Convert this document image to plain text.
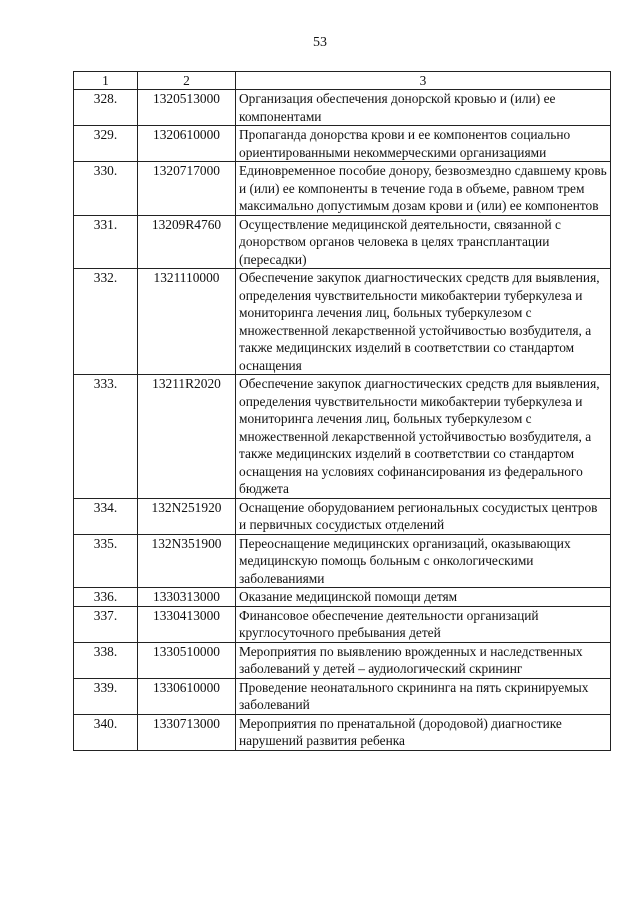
53
1	2	3
328.	1320513000	Организация обеспечения донорской кровью и (или) ее компонентами
329.	1320610000	Пропаганда донорства крови и ее компонентов социально ориентированными некоммерческими организациями
330.	1320717000	Единовременное пособие донору, безвозмездно сдавшему кровь и (или) ее компоненты в течение года в объеме, равном трем максимально допустимым дозам крови и (или) ее компонентов
331.	13209R4760	Осуществление медицинской деятельности, связанной с донорством органов человека в целях трансплантации (пересадки)
332.	1321110000	Обеспечение закупок диагностических средств для выявления, определения чувствительности микобактерии туберкулеза и мониторинга лечения лиц, больных туберкулезом с множественной лекарственной устойчивостью возбудителя, а также медицинских изделий в соответствии со стандартом оснащения
333.	13211R2020	Обеспечение закупок диагностических средств для выявления, определения чувствительности микобактерии туберкулеза и мониторинга лечения лиц, больных туберкулезом с множественной лекарственной устойчивостью возбудителя, а также медицинских изделий в соответствии со стандартом оснащения на условиях софинансирования из федерального бюджета
334.	132N251920	Оснащение оборудованием региональных сосудистых центров и первичных сосудистых отделений
335.	132N351900	Переоснащение медицинских организаций, оказывающих медицинскую помощь больным с онкологическими заболеваниями
336.	1330313000	Оказание медицинской помощи детям
337.	1330413000	Финансовое обеспечение деятельности организаций круглосуточного пребывания детей
338.	1330510000	Мероприятия по выявлению врожденных и наследственных заболеваний у детей – аудиологический скрининг
339.	1330610000	Проведение неонатального скрининга на пять скринируемых заболеваний
340.	1330713000	Мероприятия по пренатальной (дородовой) диагностике нарушений развития ребенка
